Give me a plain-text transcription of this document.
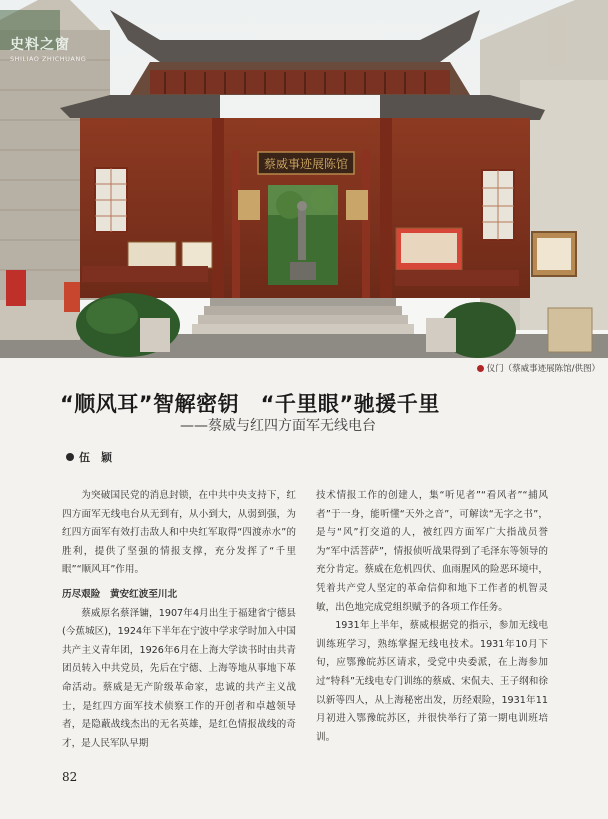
蔡威事迹展陈馆
史料之窗
SHILIAO ZHICHUANG
仪门（蔡威事迹展陈馆/供图）
“顺风耳”智解密钥　“千里眼”驰援千里
——蔡威与红四方面军无线电台
伍　颖

为突破国民党的消息封锁，在中共中央支持下，红四方面军无线电台从无到有，从小到大，从弱到强，为红四方面军有效打击敌人和中央红军取得“四渡赤水”的胜利，提供了坚强的情报支撑，充分发挥了“千里眼”“顺风耳”作用。

历尽艰险　黄安红波至川北

蔡威原名蔡泽镛，1907年4月出生于福建省宁德县(今蕉城区)，1924年下半年在宁波中学求学时加入中国共产主义青年团，1926年6月在上海大学读书时由共青团员转入中共党员，先后在宁德、上海等地从事地下革命活动。蔡威是无产阶级革命家，忠诚的共产主义战士，是红四方面军技术侦察工作的开创者和卓越领导者，是隐蔽战线杰出的无名英雄，是红色情报战线的奇才，是人民军队早期

技术情报工作的创建人，集“听见者”“看风者”“捕风者”于一身，能听懂“天外之音”，可解读“无字之书”，是与“风”打交道的人，被红四方面军广大指战员誉为“军中活菩萨”，情报侦听战果得到了毛泽东等领导的充分肯定。蔡威在危机四伏、血雨腥风的险恶环境中，凭着共产党人坚定的革命信仰和地下工作者的机智灵敏，出色地完成党组织赋予的各项工作任务。

1931年上半年，蔡威根据党的指示，参加无线电训练班学习，熟练掌握无线电技术。1931年10月下旬，应鄂豫皖苏区请求，受党中央委派，在上海参加过“特科”无线电专门训练的蔡威、宋侃夫、王子纲和徐以新等四人，从上海秘密出发，历经艰险，1931年11月初进入鄂豫皖苏区，并很快举行了第一期电训班培训。

82
